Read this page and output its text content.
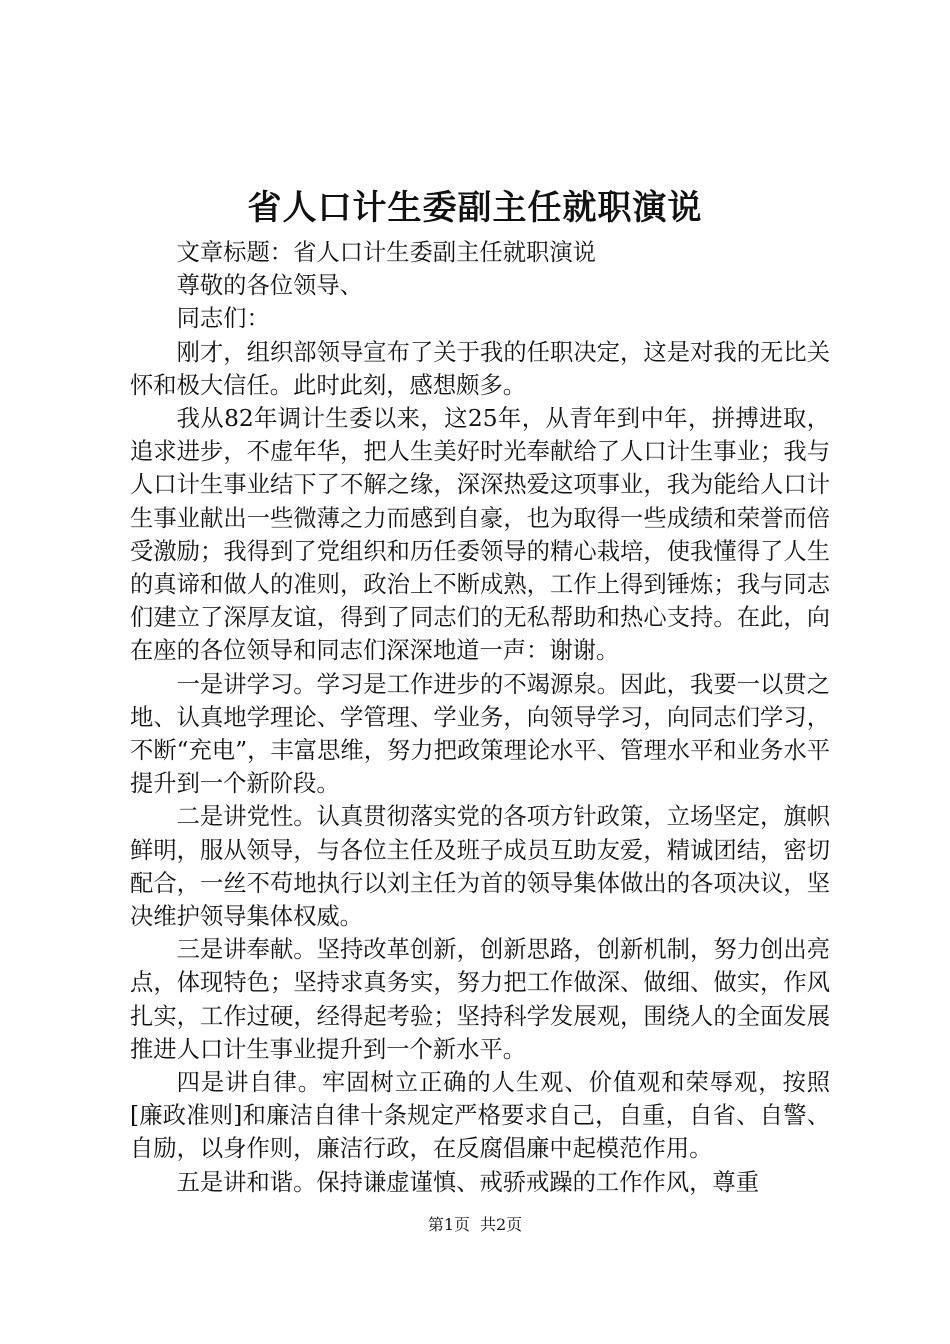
省人口计生委副主任就职演说

文章标题：省人口计生委副主任就职演说

尊敬的各位领导、

同志们：

刚才，组织部领导宣布了关于我的任职决定，这是对我的无比关怀和极大信任。此时此刻，感想颇多。

我从82年调计生委以来，这25年，从青年到中年，拼搏进取，追求进步，不虚年华，把人生美好时光奉献给了人口计生事业；我与人口计生事业结下了不解之缘，深深热爱这项事业，我为能给人口计生事业献出一些微薄之力而感到自豪，也为取得一些成绩和荣誉而倍受激励；我得到了党组织和历任委领导的精心栽培，使我懂得了人生的真谛和做人的准则，政治上不断成熟，工作上得到锤炼；我与同志们建立了深厚友谊，得到了同志们的无私帮助和热心支持。在此，向在座的各位领导和同志们深深地道一声：谢谢。

一是讲学习。学习是工作进步的不竭源泉。因此，我要一以贯之地、认真地学理论、学管理、学业务，向领导学习，向同志们学习，不断“充电”，丰富思维，努力把政策理论水平、管理水平和业务水平提升到一个新阶段。

二是讲党性。认真贯彻落实党的各项方针政策，立场坚定，旗帜鲜明，服从领导，与各位主任及班子成员互助友爱，精诚团结，密切配合，一丝不苟地执行以刘主任为首的领导集体做出的各项决议，坚决维护领导集体权威。

三是讲奉献。坚持改革创新，创新思路，创新机制，努力创出亮点，体现特色；坚持求真务实，努力把工作做深、做细、做实，作风扎实，工作过硬，经得起考验；坚持科学发展观，围绕人的全面发展推进人口计生事业提升到一个新水平。

四是讲自律。牢固树立正确的人生观、价值观和荣辱观，按照[廉政准则]和廉洁自律十条规定严格要求自己，自重，自省、自警、自励，以身作则，廉洁行政，在反腐倡廉中起模范作用。

五是讲和谐。保持谦虚谨慎、戒骄戒躁的工作作风，尊重

第1页 共2页
